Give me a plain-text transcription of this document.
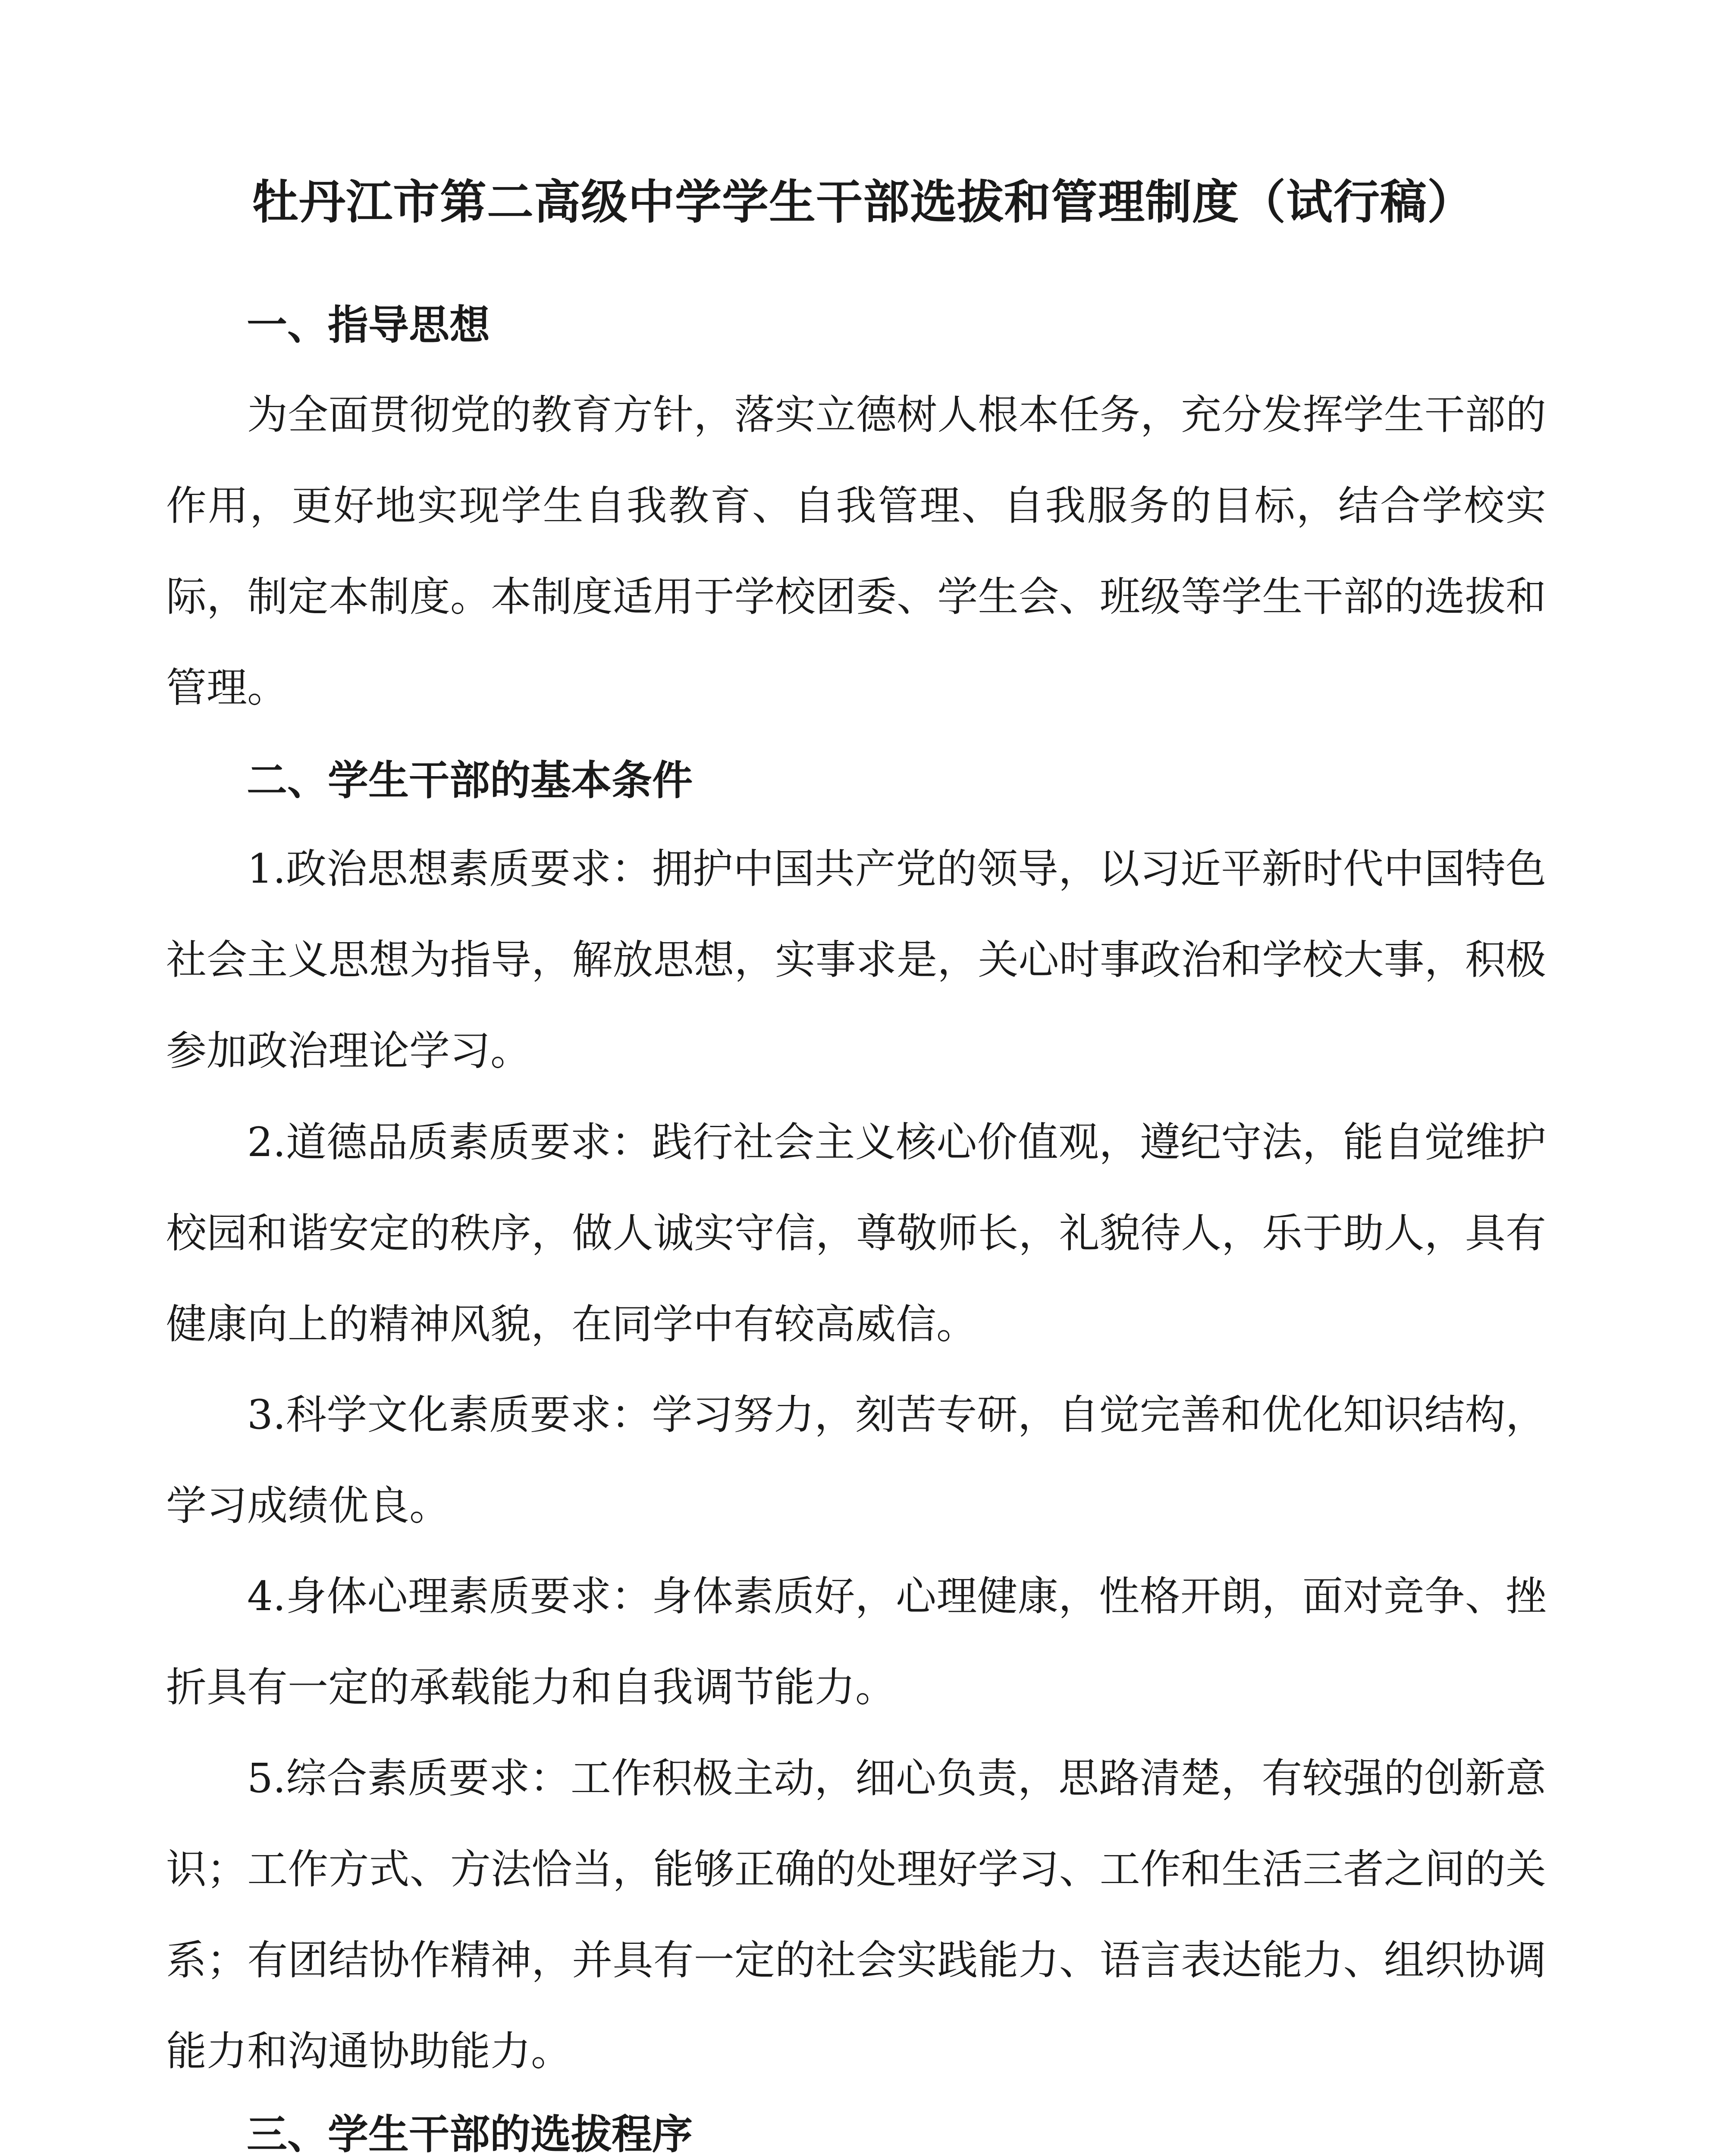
牡丹江市第二高级中学学生干部选拔和管理制度（试行稿）
一、指导思想
为全面贯彻党的教育方针，落实立德树人根本任务，充分发挥学生干部的作用，更好地实现学生自我教育、自我管理、自我服务的目标，结合学校实际，制定本制度。本制度适用于学校团委、学生会、班级等学生干部的选拔和管理。
二、学生干部的基本条件
1.政治思想素质要求：拥护中国共产党的领导，以习近平新时代中国特色社会主义思想为指导，解放思想，实事求是，关心时事政治和学校大事，积极参加政治理论学习。
2.道德品质素质要求：践行社会主义核心价值观，遵纪守法，能自觉维护校园和谐安定的秩序，做人诚实守信，尊敬师长，礼貌待人，乐于助人，具有健康向上的精神风貌，在同学中有较高威信。
3.科学文化素质要求：学习努力，刻苦专研，自觉完善和优化知识结构，学习成绩优良。
4.身体心理素质要求：身体素质好，心理健康，性格开朗，面对竞争、挫折具有一定的承载能力和自我调节能力。
5.综合素质要求：工作积极主动，细心负责，思路清楚，有较强的创新意识；工作方式、方法恰当，能够正确的处理好学习、工作和生活三者之间的关系；有团结协作精神，并具有一定的社会实践能力、语言表达能力、组织协调能力和沟通协助能力。
三、学生干部的选拔程序
